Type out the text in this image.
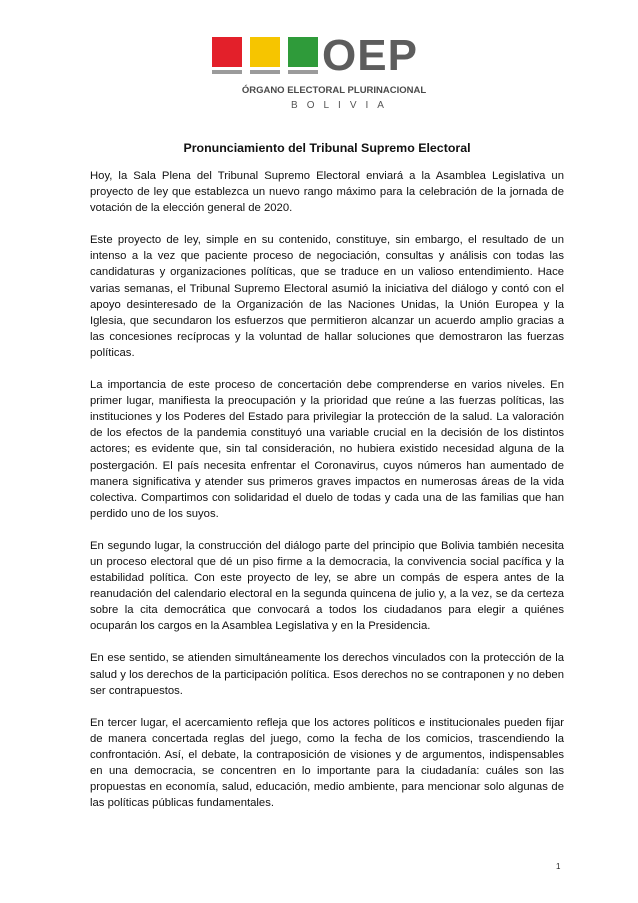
OEP
ÓRGANO ELECTORAL PLURINACIONAL
BOLIVIA
Pronunciamiento del Tribunal Supremo Electoral

Hoy, la Sala Plena del Tribunal Supremo Electoral enviará a la Asamblea Legislativa un proyecto de ley que establezca un nuevo rango máximo para la celebración de la jornada de votación de la elección general de 2020.

Este proyecto de ley, simple en su contenido, constituye, sin embargo, el resultado de un intenso a la vez que paciente proceso de negociación, consultas y análisis con todas las candidaturas y organizaciones políticas, que se traduce en un valioso entendimiento. Hace varias semanas, el Tribunal Supremo Electoral asumió la iniciativa del diálogo y contó con el apoyo desinteresado de la Organización de las Naciones Unidas, la Unión Europea y la Iglesia, que secundaron los esfuerzos que permitieron alcanzar un acuerdo amplio gracias a las concesiones recíprocas y la voluntad de hallar soluciones que demostraron las fuerzas políticas.

La importancia de este proceso de concertación debe comprenderse en varios niveles. En primer lugar, manifiesta la preocupación y la prioridad que reúne a las fuerzas políticas, las instituciones y los Poderes del Estado para privilegiar la protección de la salud. La valoración de los efectos de la pandemia constituyó una variable crucial en la decisión de los distintos actores; es evidente que, sin tal consideración, no hubiera existido necesidad alguna de la postergación. El país necesita enfrentar el Coronavirus, cuyos números han aumentado de manera significativa y atender sus primeros graves impactos en numerosas áreas de la vida colectiva. Compartimos con solidaridad el duelo de todas y cada una de las familias que han perdido uno de los suyos.

En segundo lugar, la construcción del diálogo parte del principio que Bolivia también necesita un proceso electoral que dé un piso firme a la democracia, la convivencia social pacífica y la estabilidad política. Con este proyecto de ley, se abre un compás de espera antes de la reanudación del calendario electoral en la segunda quincena de julio y, a la vez, se da certeza sobre la cita democrática que convocará a todos los ciudadanos para elegir a quiénes ocuparán los cargos en la Asamblea Legislativa y en la Presidencia.

En ese sentido, se atienden simultáneamente los derechos vinculados con la protección de la salud y los derechos de la participación política. Esos derechos no se contraponen y no deben ser contrapuestos.

En tercer lugar, el acercamiento refleja que los actores políticos e institucionales pueden fijar de manera concertada reglas del juego, como la fecha de los comicios, trascendiendo la confrontación. Así, el debate, la contraposición de visiones y de argumentos, indispensables en una democracia, se concentren en lo importante para la ciudadanía: cuáles son las propuestas en economía, salud, educación, medio ambiente, para mencionar solo algunas de las políticas públicas fundamentales.

1
